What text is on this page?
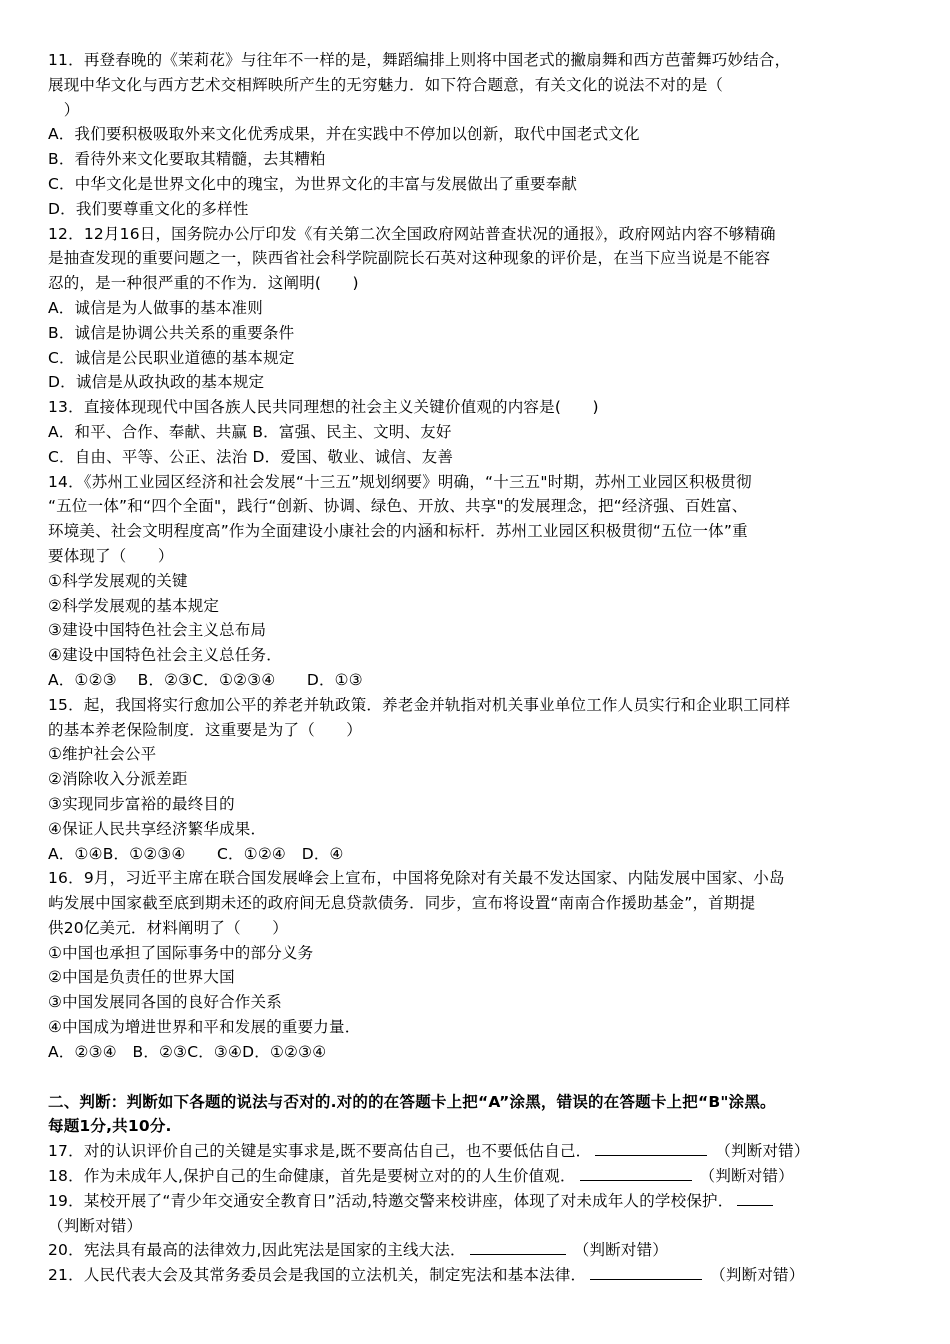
11．再登春晚的《茉莉花》与往年不一样的是，舞蹈编排上则将中国老式的撇扇舞和西方芭蕾舞巧妙结合，
展现中华文化与西方艺术交相辉映所产生的无穷魅力．如下符合题意，有关文化的说法不对的是（
　）
A．我们要积极吸取外来文化优秀成果，并在实践中不停加以创新，取代中国老式文化
B．看待外来文化要取其精髓，去其糟粕
C．中华文化是世界文化中的瑰宝，为世界文化的丰富与发展做出了重要奉献
D．我们要尊重文化的多样性
12．12月16日，国务院办公厅印发《有关第二次全国政府网站普查状况的通报》，政府网站内容不够精确
是抽查发现的重要问题之一，陕西省社会科学院副院长石英对这种现象的评价是，在当下应当说是不能容
忍的，是一种很严重的不作为．这阐明(　　)
A．诚信是为人做事的基本准则
B．诚信是协调公共关系的重要条件
C．诚信是公民职业道德的基本规定
D．诚信是从政执政的基本规定
13．直接体现现代中国各族人民共同理想的社会主义关键价值观的内容是(　　)
A．和平、合作、奉献、共赢 B．富强、民主、文明、友好
C．自由、平等、公正、法治 D．爱国、敬业、诚信、友善
14．《苏州工业园区经济和社会发展“十三五”规划纲要》明确，“十三五"时期，苏州工业园区积极贯彻
“五位一体”和“四个全面"，践行“创新、协调、绿色、开放、共享"的发展理念，把“经济强、百姓富、
环境美、社会文明程度高”作为全面建设小康社会的内涵和标杆．苏州工业园区积极贯彻“五位一体”重
要体现了（　　）
①科学发展观的关键
②科学发展观的基本规定
③建设中国特色社会主义总布局
④建设中国特色社会主义总任务．
A．①②③　 B．②③C．①②③④　　D．①③
15．起，我国将实行愈加公平的养老并轨政策．养老金并轨指对机关事业单位工作人员实行和企业职工同样
的基本养老保险制度．这重要是为了（　　）
①维护社会公平
②消除收入分派差距
③实现同步富裕的最终目的
④保证人民共享经济繁华成果．
A．①④B．①②③④　　C．①②④　D．④
16．9月，习近平主席在联合国发展峰会上宣布，中国将免除对有关最不发达国家、内陆发展中国家、小岛
屿发展中国家截至底到期未还的政府间无息贷款债务．同步，宣布将设置“南南合作援助基金”，首期提
供20亿美元．材料阐明了（　　）
①中国也承担了国际事务中的部分义务
②中国是负责任的世界大国
③中国发展同各国的良好合作关系
④中国成为增进世界和平和发展的重要力量．
A．②③④　B．②③C．③④D．①②③④
二、判断：判断如下各题的说法与否对的.对的的在答题卡上把“A”涂黑，错误的在答题卡上把“B"涂黑。
每题1分,共10分.
17．对的认识评价自己的关键是实事求是,既不要高估自己，也不要低估自己．	（判断对错）
18．作为未成年人,保护自己的生命健康，首先是要树立对的的人生价值观．	（判断对错）
19．某校开展了“青少年交通安全教育日”活动,特邀交警来校讲座，体现了对未成年人的学校保护．
（判断对错）
20．宪法具有最高的法律效力,因此宪法是国家的主线大法．	（判断对错）
21．人民代表大会及其常务委员会是我国的立法机关，制定宪法和基本法律．	（判断对错）
